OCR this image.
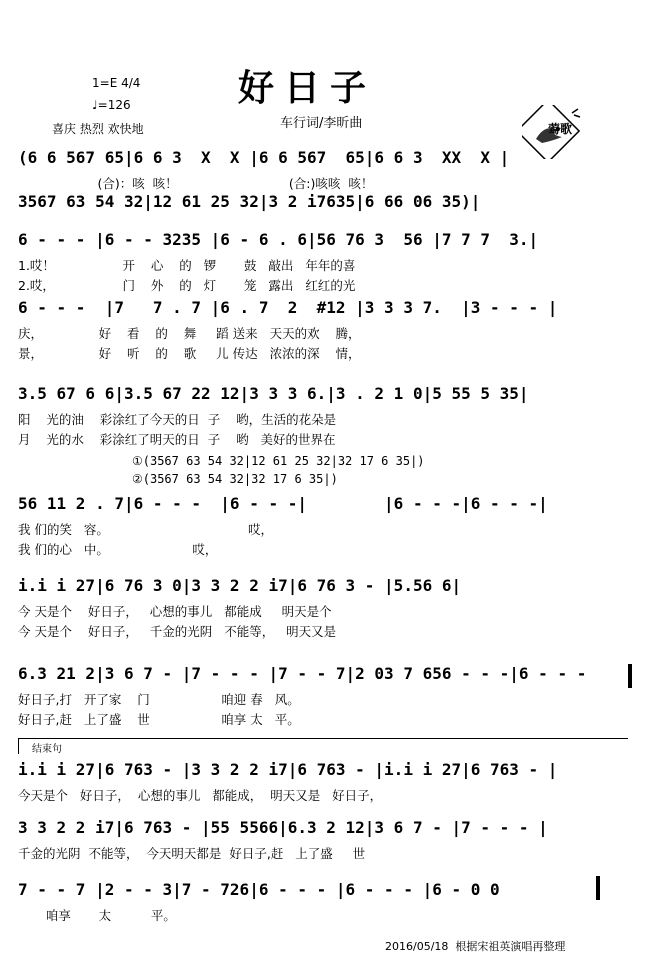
1=E 4/4
♩=126
喜庆 热烈 欢快地
好日子
车行词/李昕曲

	莺歌

(6 6 567 65|6 6 3  X  X |6 6 567  65|6 6 3  XX  X |
(合)：咳  咳！                            (合:)咳咳  咳！
3567 63 54 32|12 61 25 32|3 2 i7635|6 66 06 35)|
6 - - - |6 - - 3235 |6 - 6 . 6|56 76 3  56 |7 7 7  3.|
1.哎！                 开    心    的   锣       鼓   敲出   年年的喜
2.哎，                 门    外    的   灯       笼   露出   红红的光
6 - - -  |7   7 . 7 |6 . 7  2  #12 |3 3 3 7.  |3 - - - |
庆，              好    看    的    舞     蹈 送来   天天的欢    腾，
景，              好    听    的    歌     儿 传达   浓浓的深    情，
3.5 67 6 6|3.5 67 22 12|3 3 3 6.|3 . 2 1 0|5 55 5 35|
阳    光的油    彩涂红了今天的日  子    哟，生活的花朵是
月    光的水    彩涂红了明天的日  子    哟   美好的世界在
56 11 2 . 7|6 - - -  |6 - - -|        |6 - - -|6 - - -|
我 们的笑   容。                                   哎，
我 们的心   中。                     哎，
i.i i 27|6 76 3 0|3 3 2 2 i7|6 76 3 - |5.56 6|
今 天是个    好日子，   心想的事儿   都能成     明天是个
今 天是个    好日子，   千金的光阴   不能等，   明天又是
6.3 21 2|3 6 7 - |7 - - - |7 - - 7|2 03 7 656 - - -|6 - - -
好日子,打   开了家    门                  咱迎 春   风。
好日子,赶   上了盛    世                  咱享 太   平。
i.i i 27|6 763 - |3 3 2 2 i7|6 763 - |i.i i 27|6 763 - |
今天是个   好日子，  心想的事儿   都能成，  明天又是   好日子，
3 3 2 2 i7|6 763 - |55 5566|6.3 2 12|3 6 7 - |7 - - - |
千金的光阴  不能等，  今天明天都是  好日子,赶   上了盛     世
7 - - 7 |2 - - 3|7 - 726|6 - - - |6 - - - |6 - 0 0
咱享       太          平。
①(3567 63 54 32|12 61 25 32|32 17 6 35|)
②(3567 63 54 32|32 17 6 35|)
结束句
2016/05/18  根据宋祖英演唱再整理
